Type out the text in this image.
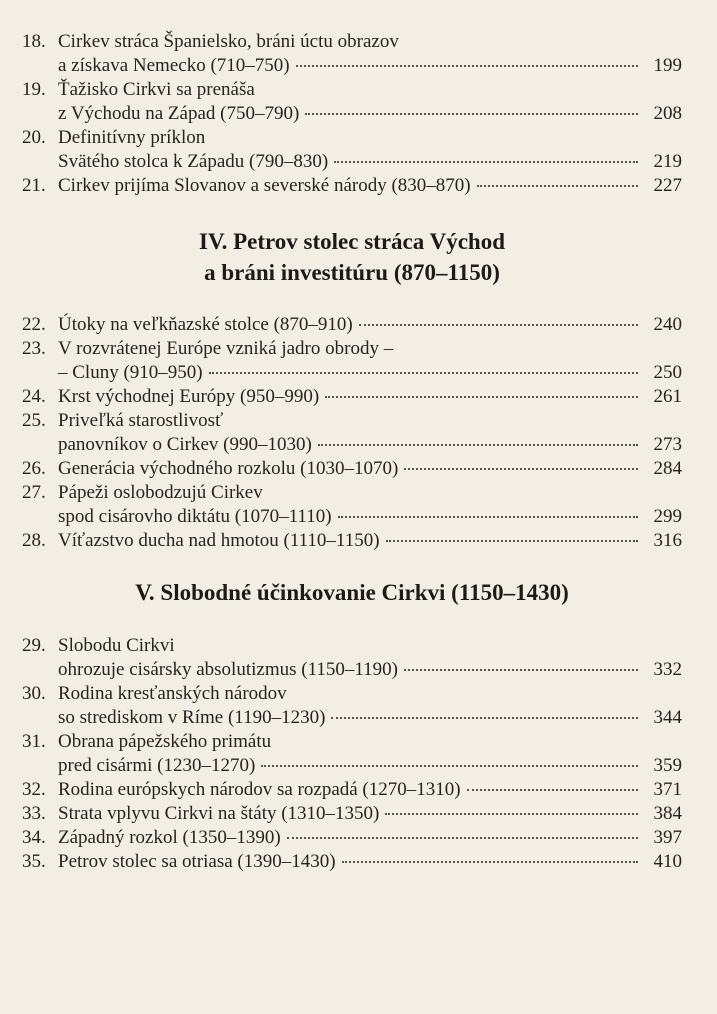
18. Cirkev stráca Španielsko, bráni úctu obrazov
a získava Nemecko (710–750)	199
19. Ťažisko Cirkvi sa prenáša
z Východu na Západ (750–790)	208
20. Definitívny príklon
Svätého stolca k Západu (790–830)	219
21. Cirkev prijíma Slovanov a severské národy (830–870)	227
IV. Petrov stolec stráca Východ
a bráni investitúru (870–1150)
22. Útoky na veľkňazské stolce (870–910)	240
23. V rozvrátenej Európe vzniká jadro obrody –
– Cluny (910–950)	250
24. Krst východnej Európy (950–990)	261
25. Priveľká starostlivosť
panovníkov o Cirkev (990–1030)	273
26. Generácia východného rozkolu (1030–1070)	284
27. Pápeži oslobodzujú Cirkev
spod cisárovho diktátu (1070–1110)	299
28. Víťazstvo ducha nad hmotou (1110–1150)	316
V. Slobodné účinkovanie Cirkvi (1150–1430)
29. Slobodu Cirkvi
ohrozuje cisársky absolutizmus (1150–1190)	332
30. Rodina kresťanských národov
so strediskom v Ríme (1190–1230)	344
31. Obrana pápežského primátu
pred cisármi (1230–1270)	359
32. Rodina európskych národov sa rozpadá (1270–1310)	371
33. Strata vplyvu Cirkvi na štáty (1310–1350)	384
34. Západný rozkol (1350–1390)	397
35. Petrov stolec sa otriasa (1390–1430)	410
